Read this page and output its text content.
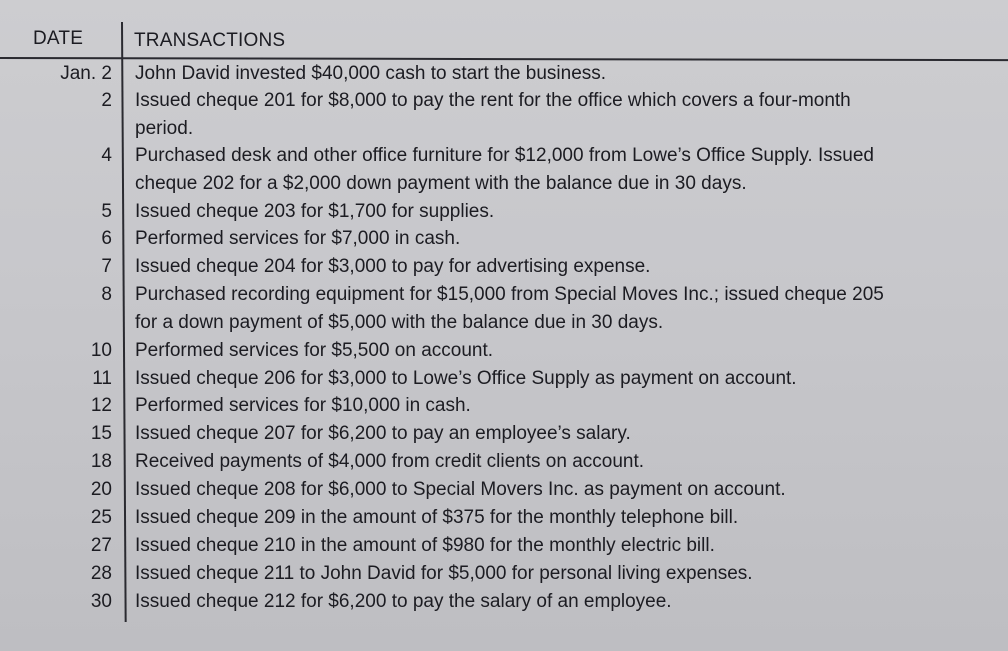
DATE	TRANSACTIONS
Jan. 2 John David invested $40,000 cash to start the business.
2 Issued cheque 201 for $8,000 to pay the rent for the office which covers a four-month
period.
4 Purchased desk and other office furniture for $12,000 from Lowe’s Office Supply. Issued
cheque 202 for a $2,000 down payment with the balance due in 30 days.
5 Issued cheque 203 for $1,700 for supplies.
6 Performed services for $7,000 in cash.
7 Issued cheque 204 for $3,000 to pay for advertising expense.
8 Purchased recording equipment for $15,000 from Special Moves Inc.; issued cheque 205
for a down payment of $5,000 with the balance due in 30 days.
10 Performed services for $5,500 on account.
11 Issued cheque 206 for $3,000 to Lowe’s Office Supply as payment on account.
12 Performed services for $10,000 in cash.
15 Issued cheque 207 for $6,200 to pay an employee’s salary.
18 Received payments of $4,000 from credit clients on account.
20 Issued cheque 208 for $6,000 to Special Movers Inc. as payment on account.
25 Issued cheque 209 in the amount of $375 for the monthly telephone bill.
27 Issued cheque 210 in the amount of $980 for the monthly electric bill.
28 Issued cheque 211 to John David for $5,000 for personal living expenses.
30 Issued cheque 212 for $6,200 to pay the salary of an employee.
